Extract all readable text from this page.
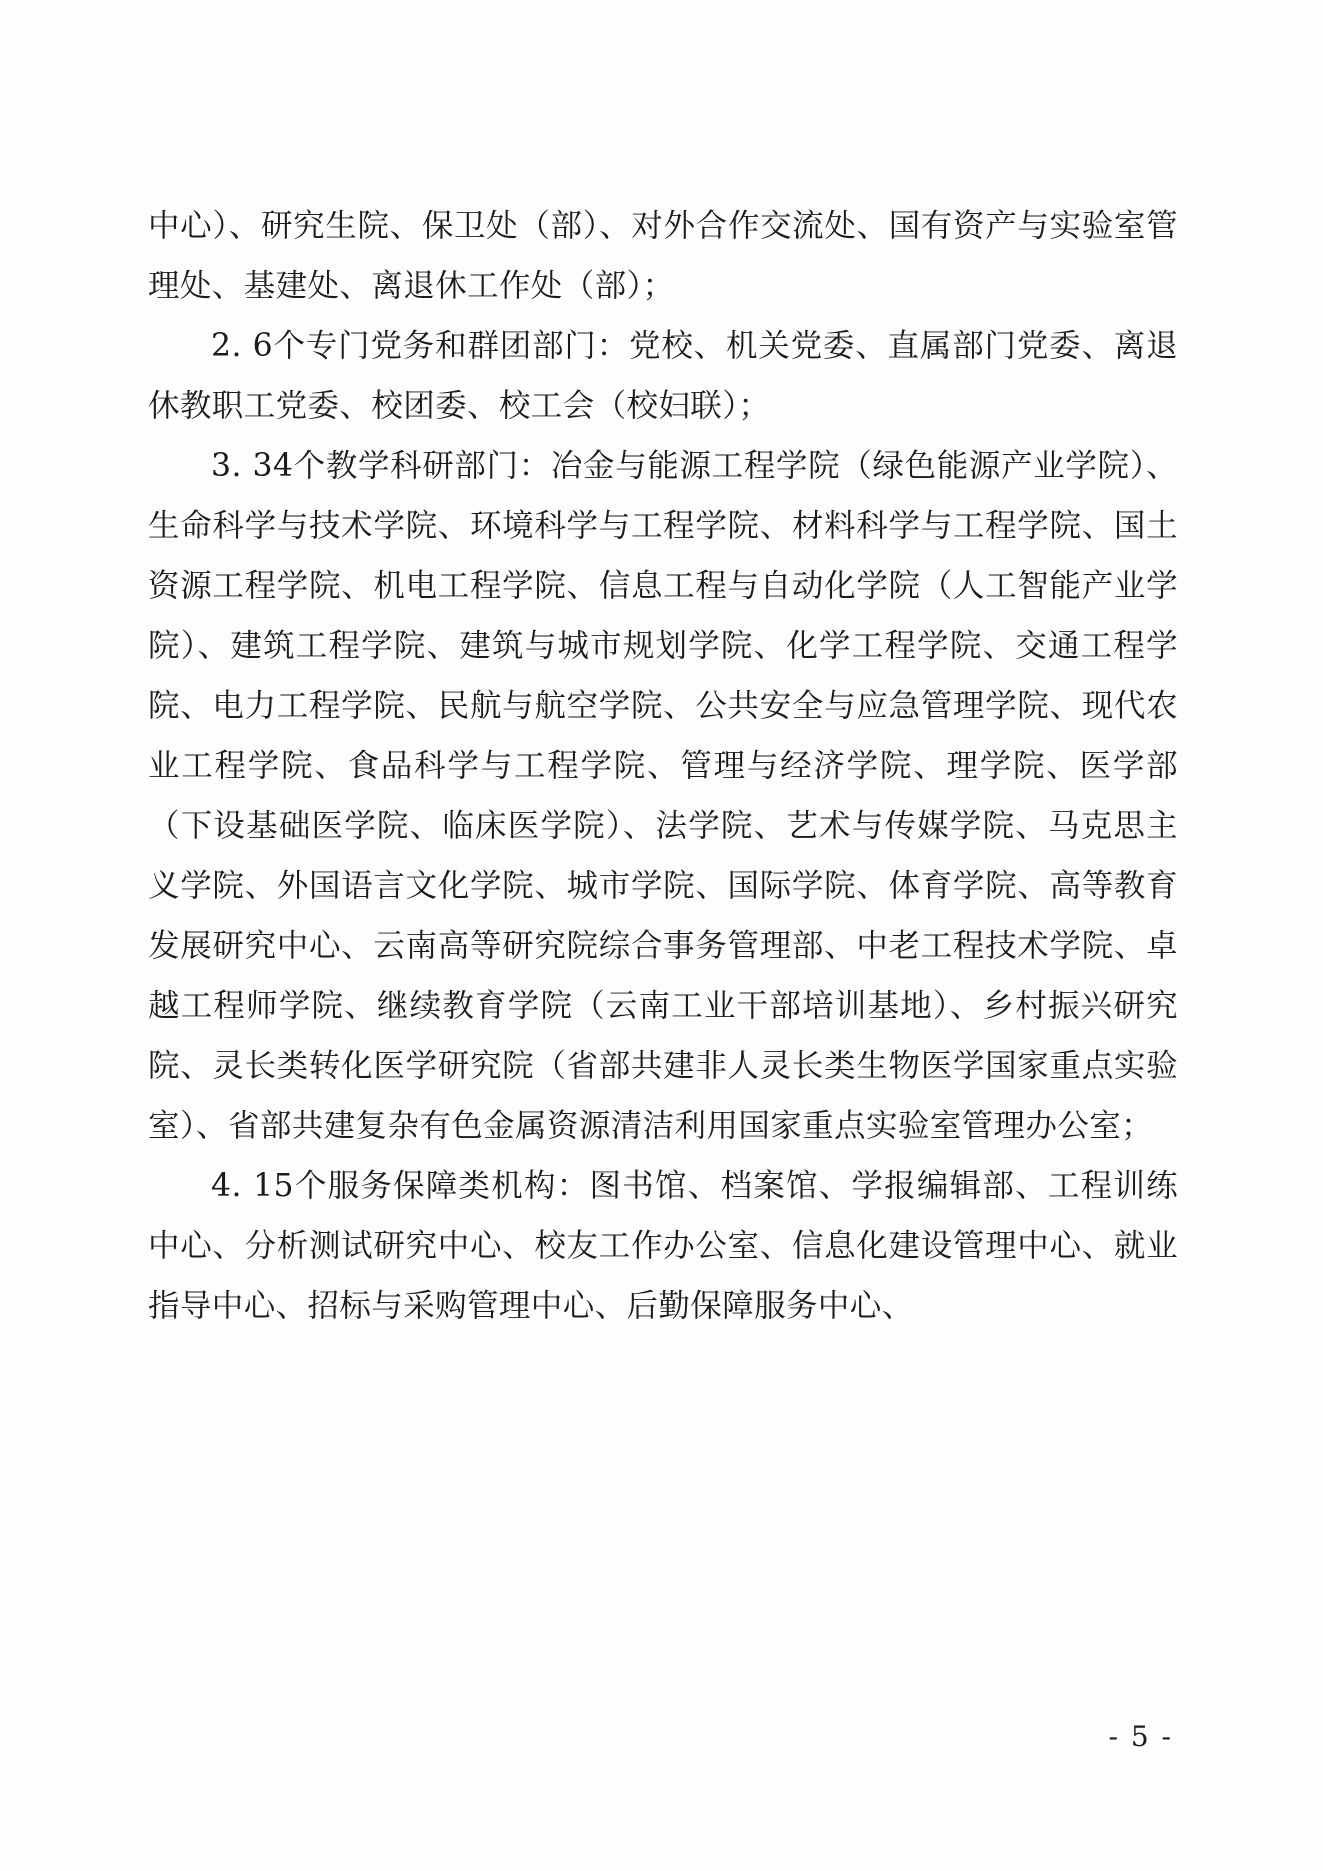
中心）、研究生院、保卫处（部）、对外合作交流处、国有资产与实验室管理处、基建处、离退休工作处（部）；

2. 6个专门党务和群团部门：党校、机关党委、直属部门党委、离退休教职工党委、校团委、校工会（校妇联）；

3. 34个教学科研部门：冶金与能源工程学院（绿色能源产业学院）、生命科学与技术学院、环境科学与工程学院、材料科学与工程学院、国土资源工程学院、机电工程学院、信息工程与自动化学院（人工智能产业学院）、建筑工程学院、建筑与城市规划学院、化学工程学院、交通工程学院、电力工程学院、民航与航空学院、公共安全与应急管理学院、现代农业工程学院、食品科学与工程学院、管理与经济学院、理学院、医学部（下设基础医学院、临床医学院）、法学院、艺术与传媒学院、马克思主义学院、外国语言文化学院、城市学院、国际学院、体育学院、高等教育发展研究中心、云南高等研究院综合事务管理部、中老工程技术学院、卓越工程师学院、继续教育学院（云南工业干部培训基地）、乡村振兴研究院、灵长类转化医学研究院（省部共建非人灵长类生物医学国家重点实验室）、省部共建复杂有色金属资源清洁利用国家重点实验室管理办公室；

4. 15个服务保障类机构：图书馆、档案馆、学报编辑部、工程训练中心、分析测试研究中心、校友工作办公室、信息化建设管理中心、就业指导中心、招标与采购管理中心、后勤保障服务中心、

- 5 -
